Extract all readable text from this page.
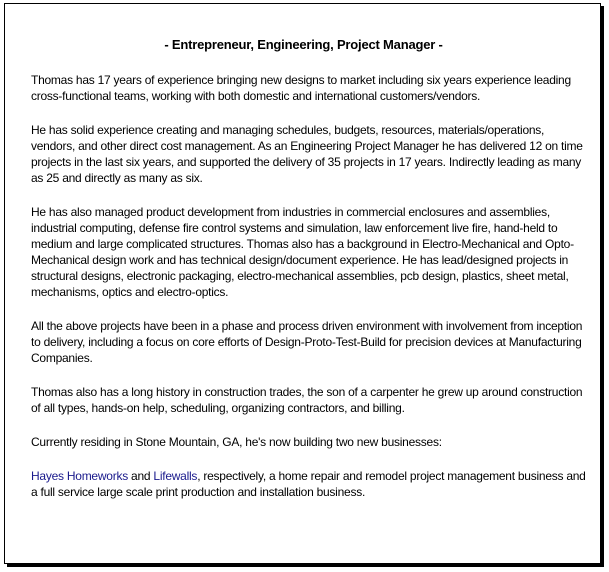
- Entrepreneur, Engineering, Project Manager -

Thomas has 17 years of experience bringing new designs to market including six years experience leading cross-functional teams, working with both domestic and international customers/vendors.

He has solid experience creating and managing schedules, budgets, resources, materials/operations, vendors, and other direct cost management. As an Engineering Project Manager he has delivered 12 on time projects in the last six years, and supported the delivery of 35 projects in 17 years. Indirectly leading as many as 25 and directly as many as six.

He has also managed product development from industries in commercial enclosures and assemblies, industrial computing, defense fire control systems and simulation, law enforcement live fire, hand-held to medium and large complicated structures. Thomas also has a background in Electro-Mechanical and Opto-Mechanical design work and has technical design/document experience. He has lead/designed projects in structural designs, electronic packaging, electro-mechanical assemblies, pcb design, plastics, sheet metal, mechanisms, optics and electro-optics.

All the above projects have been in a phase and process driven environment with involvement from inception to delivery, including a focus on core efforts of Design-Proto-Test-Build for precision devices at Manufacturing Companies.

Thomas also has a long history in construction trades, the son of a carpenter he grew up around construction of all types, hands-on help, scheduling, organizing contractors, and billing.

Currently residing in Stone Mountain, GA, he's now building two new businesses:

Hayes Homeworks and Lifewalls, respectively, a home repair and remodel project management business and a full service large scale print production and installation business.
